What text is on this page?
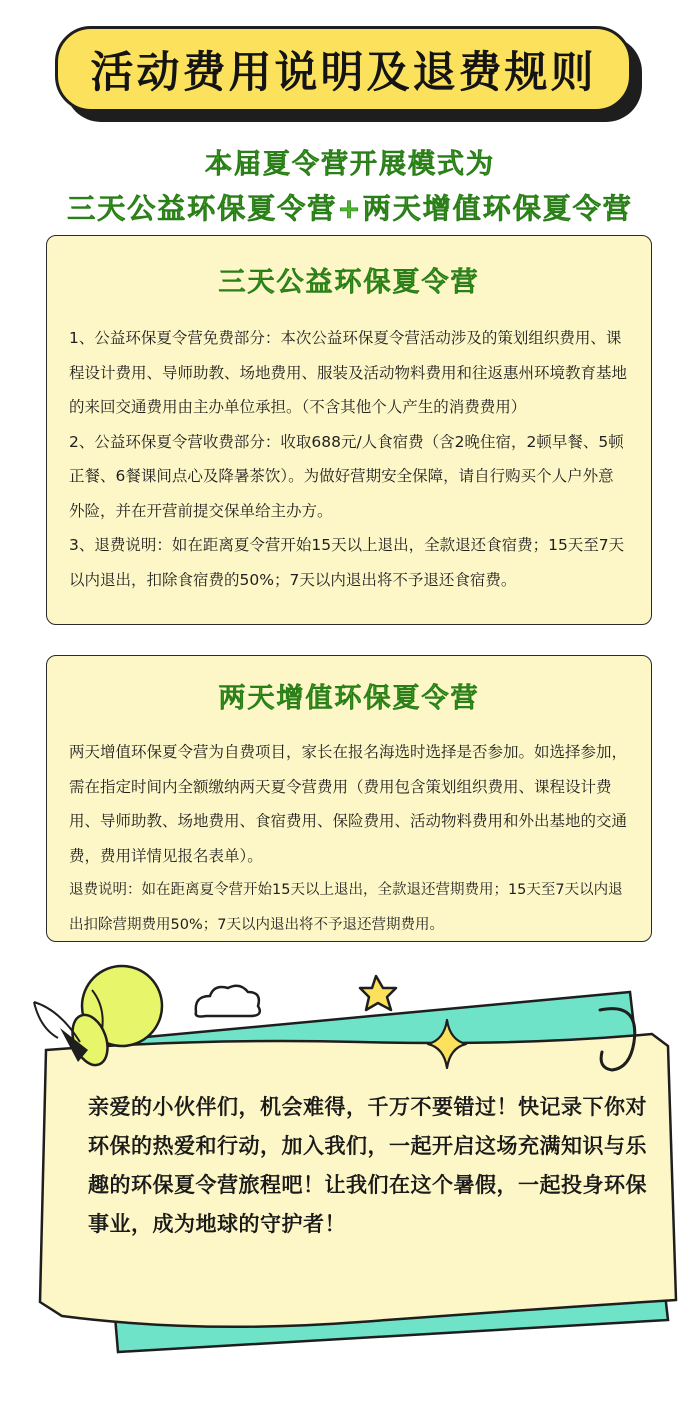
活动费用说明及退费规则
本届夏令营开展模式为
三天公益环保夏令营+两天增值环保夏令营
三天公益环保夏令营

1、公益环保夏令营免费部分：本次公益环保夏令营活动涉及的策划组织费用、课程设计费用、导师助教、场地费用、服装及活动物料费用和往返惠州环境教育基地的来回交通费用由主办单位承担。（不含其他个人产生的消费费用）

2、公益环保夏令营收费部分：收取688元/人食宿费（含2晚住宿，2顿早餐、5顿正餐、6餐课间点心及降暑茶饮）。为做好营期安全保障，请自行购买个人户外意外险，并在开营前提交保单给主办方。

3、退费说明：如在距离夏令营开始15天以上退出，全款退还食宿费；15天至7天以内退出，扣除食宿费的50%；7天以内退出将不予退还食宿费。

两天增值环保夏令营

两天增值环保夏令营为自费项目，家长在报名海选时选择是否参加。如选择参加，需在指定时间内全额缴纳两天夏令营费用（费用包含策划组织费用、课程设计费用、导师助教、场地费用、食宿费用、保险费用、活动物料费用和外出基地的交通费，费用详情见报名表单）。

退费说明：如在距离夏令营开始15天以上退出，全款退还营期费用；15天至7天以内退出扣除营期费用50%；7天以内退出将不予退还营期费用。

亲爱的小伙伴们，机会难得，千万不要错过！快记录下你对环保的热爱和行动，加入我们，一起开启这场充满知识与乐趣的环保夏令营旅程吧！让我们在这个暑假，一起投身环保事业，成为地球的守护者！
